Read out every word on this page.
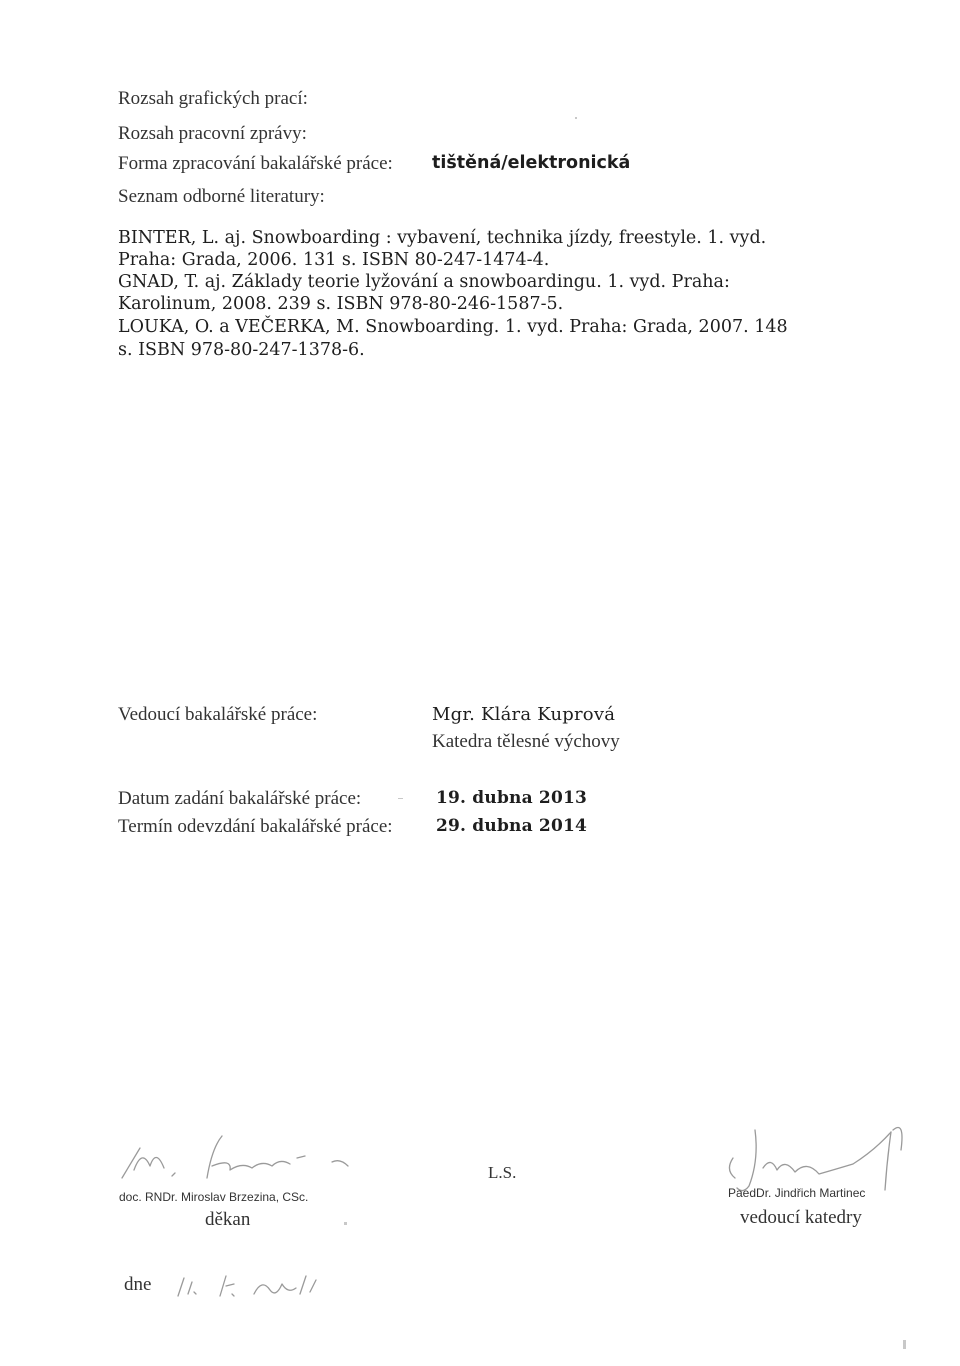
Rozsah grafických prací:
Rozsah pracovní zprávy:
Forma zpracování bakalářské práce: tištěná/elektronická
Seznam odborné literatury:
BINTER, L. aj. Snowboarding : vybavení, technika jízdy, freestyle. 1. vyd.
Praha: Grada, 2006. 131 s. ISBN 80-247-1474-4.
GNAD, T. aj. Základy teorie lyžování a snowboardingu. 1. vyd. Praha:
Karolinum, 2008. 239 s. ISBN 978-80-246-1587-5.
LOUKA, O. a VEČERKA, M. Snowboarding. 1. vyd. Praha: Grada, 2007. 148
s. ISBN 978-80-247-1378-6.
Vedoucí bakalářské práce:	Mgr. Klára Kuprová
Katedra tělesné výchovy
Datum zadání bakalářské práce:	19. dubna 2013
Termín odevzdání bakalářské práce:	29. dubna 2014
doc. RNDr. Miroslav Brzezina, CSc.
děkan
L.S.
PaedDr. Jindřich Martinec
vedoucí katedry
dne
